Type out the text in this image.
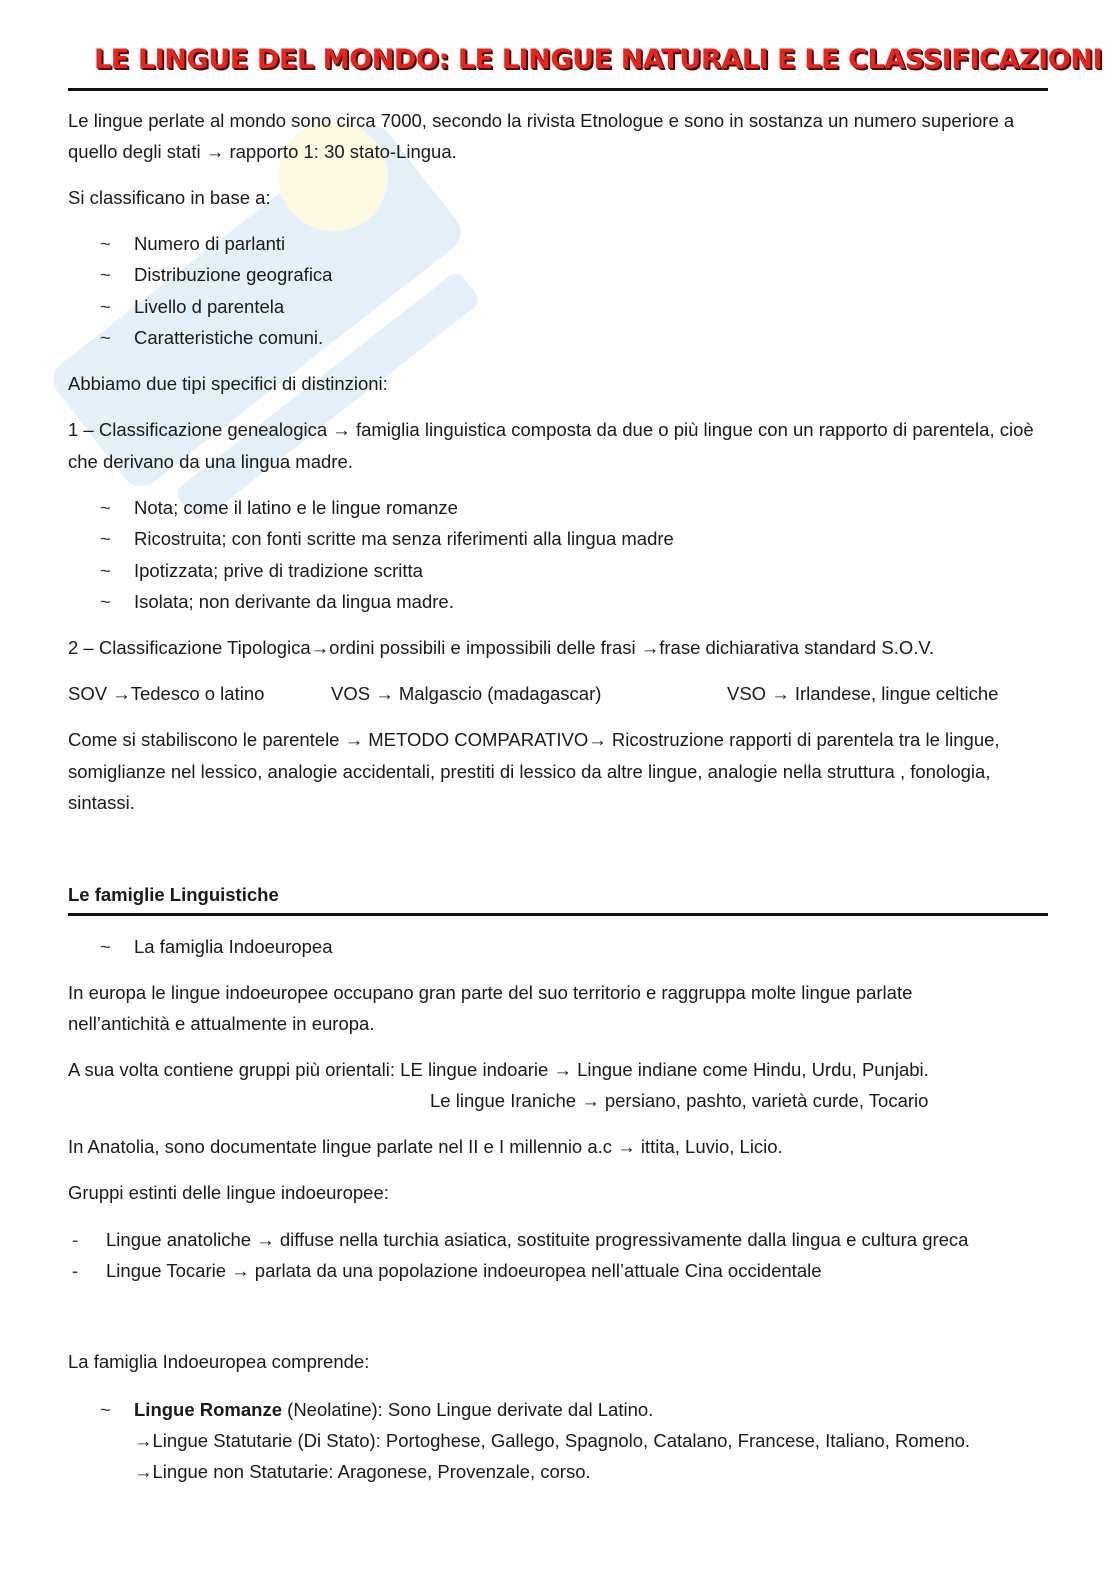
LE LINGUE DEL MONDO: LE LINGUE NATURALI E LE CLASSIFICAZIONI
Le lingue perlate al mondo sono circa 7000, secondo la rivista Etnologue e sono in sostanza un numero superiore a
quello degli stati → rapporto 1: 30 stato-Lingua.
Si classificano in base a:
~ Numero di parlanti
~ Distribuzione geografica
~ Livello d parentela
~ Caratteristiche comuni.
Abbiamo due tipi specifici di distinzioni:
1 – Classificazione genealogica → famiglia linguistica composta da due o più lingue con un rapporto di parentela, cioè
che derivano da una lingua madre.
~ Nota; come il latino e le lingue romanze
~ Ricostruita; con fonti scritte ma senza riferimenti alla lingua madre
~ Ipotizzata; prive di tradizione scritta
~ Isolata; non derivante da lingua madre.
2 – Classificazione Tipologica→ordini possibili e impossibili delle frasi →frase dichiarativa standard S.O.V.
SOV →Tedesco o latino	VOS → Malgascio (madagascar)	VSO → Irlandese, lingue celtiche
Come si stabiliscono le parentele → METODO COMPARATIVO→ Ricostruzione rapporti di parentela tra le lingue,
somiglianze nel lessico, analogie accidentali, prestiti di lessico da altre lingue, analogie nella struttura , fonologia,
sintassi.
Le famiglie Linguistiche
~ La famiglia Indoeuropea
In europa le lingue indoeuropee occupano gran parte del suo territorio e raggruppa molte lingue parlate
nell’antichità e attualmente in europa.
A sua volta contiene gruppi più orientali: LE lingue indoarie → Lingue indiane come Hindu, Urdu, Punjabi.
Le lingue Iraniche → persiano, pashto, varietà curde, Tocario
In Anatolia, sono documentate lingue parlate nel II e I millennio a.c → ittita, Luvio, Licio.
Gruppi estinti delle lingue indoeuropee:
- Lingue anatoliche → diffuse nella turchia asiatica, sostituite progressivamente dalla lingua e cultura greca
- Lingue Tocarie → parlata da una popolazione indoeuropea nell’attuale Cina occidentale
La famiglia Indoeuropea comprende:
~ Lingue Romanze (Neolatine): Sono Lingue derivate dal Latino.
→Lingue Statutarie (Di Stato): Portoghese, Gallego, Spagnolo, Catalano, Francese, Italiano, Romeno.
→Lingue non Statutarie: Aragonese, Provenzale, corso.
